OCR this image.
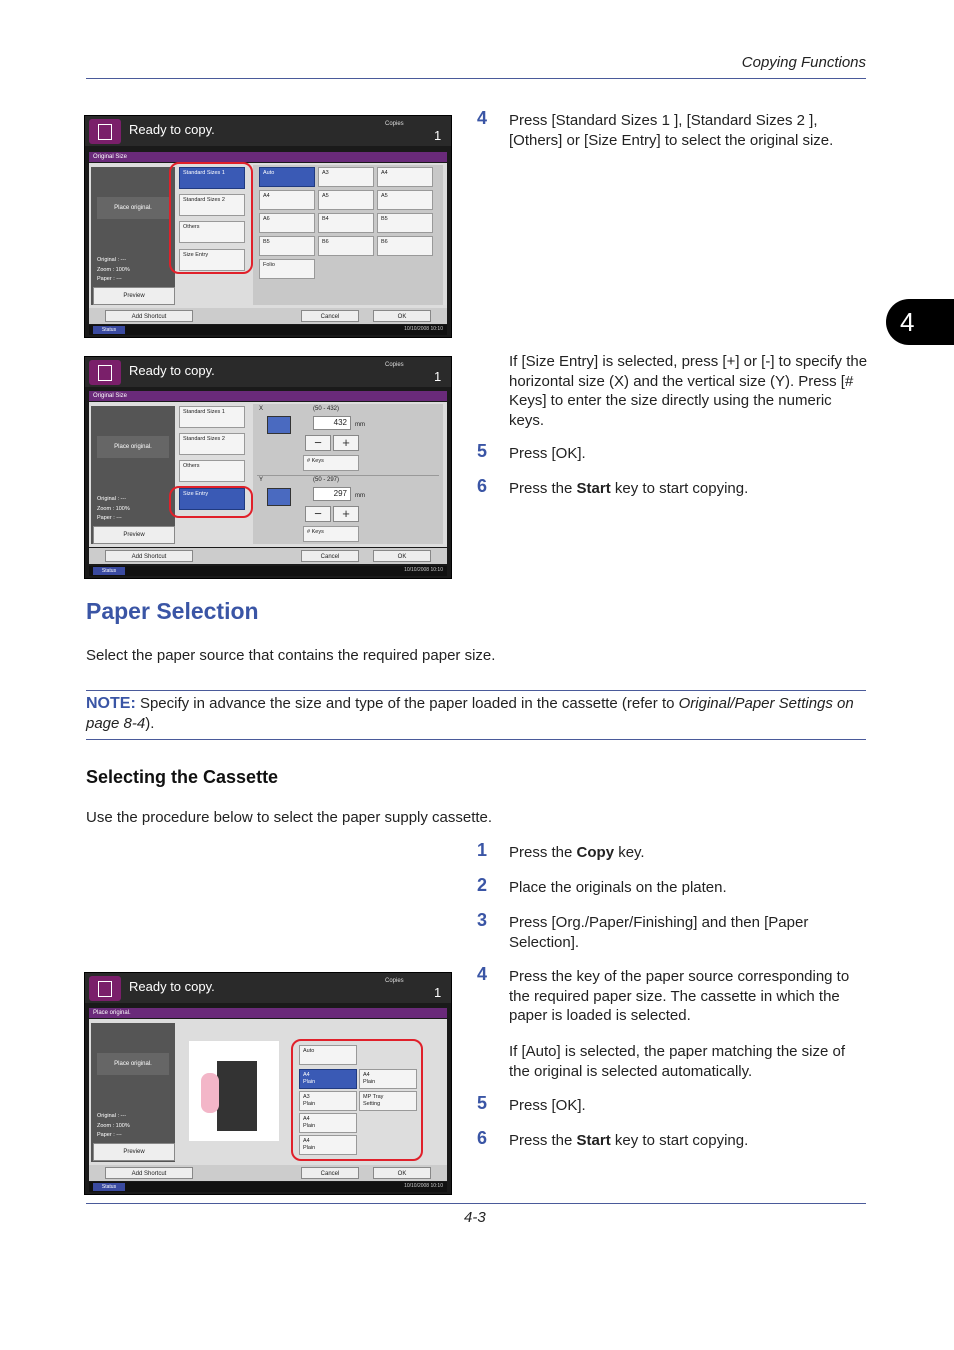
Copying Functions
4
Ready to copy.	Copies
1
Original Size
Place original.
Original : ---
Zoom : 100%
Paper : ---
Preview
Standard Sizes 1
Standard Sizes 2
Others
Size Entry
Auto	A3	A4
A4	A5	A5
A6	B4	B5
B5	B6	B6
Folio
Add Shortcut	Cancel	OK
Status	10/10/2008 10:10
Ready to copy.	Copies
1
Original Size
Place original.
Original : ---
Zoom : 100%
Paper : ---
Preview
Standard Sizes 1
Standard Sizes 2
Others
Size Entry
X	(50 - 432)
432	mm
−	+
# Keys
Y	(50 - 297)
297	mm
−	+
# Keys
Add Shortcut	Cancel	OK
Status	10/10/2008 10:10
4 Press [Standard Sizes 1 ], [Standard Sizes 2 ], [Others] or [Size Entry] to select the original size.
If [Size Entry] is selected, press [+] or [-] to specify the horizontal size (X) and the vertical size (Y). Press [# Keys] to enter the size directly using the numeric keys.
5 Press [OK].
6 Press the Start key to start copying.
Paper Selection
Select the paper source that contains the required paper size.
NOTE: Specify in advance the size and type of the paper loaded in the cassette (refer to Original/Paper Settings on page 8-4).
Selecting the Cassette
Use the procedure below to select the paper supply cassette.
1 Press the Copy key.
2 Place the originals on the platen.
3 Press [Org./Paper/Finishing] and then [Paper Selection].
4 Press the key of the paper source corresponding to the required paper size. The cassette in which the paper is loaded is selected.
If [Auto] is selected, the paper matching the size of the original is selected automatically.
5 Press [OK].
6 Press the Start key to start copying.
Ready to copy.	Copies
1
Place original.
Place original.
Original : ---
Zoom : 100%
Paper : ---
Preview
Auto
A4
Plain
A4
Plain
A3
Plain
MP Tray
Setting
A4
Plain
A4
Plain
Add Shortcut	Cancel	OK
Status	10/10/2008 10:10
4-3
